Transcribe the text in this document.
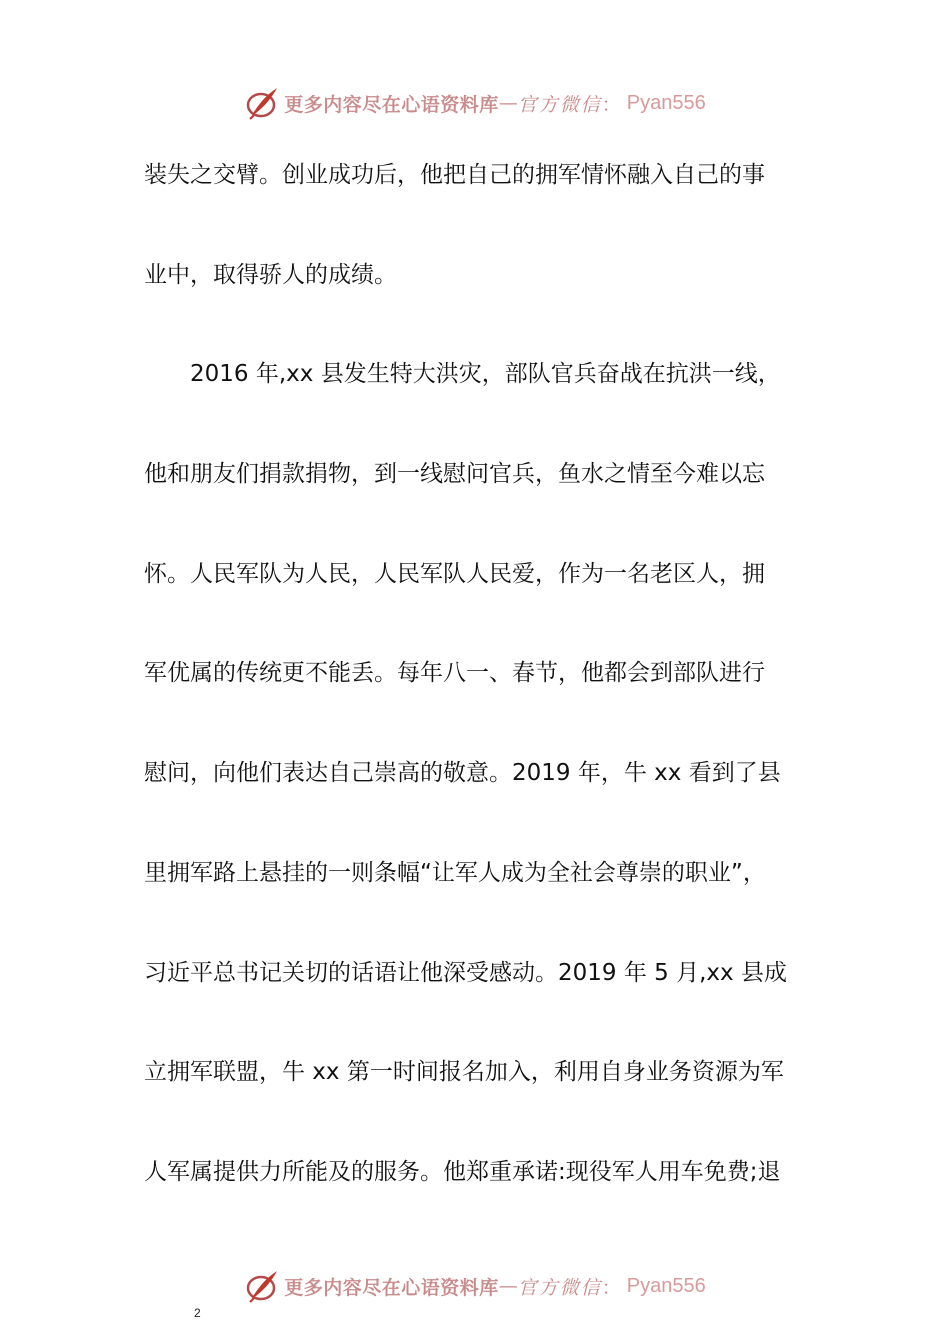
更多内容尽在心语资料库 — 官方微信 ： Pyan556
装失之交臂。创业成功后，他把自己的拥军情怀融入自己的事
业中，取得骄人的成绩。
2016 年,xx 县发生特大洪灾，部队官兵奋战在抗洪一线，
他和朋友们捐款捐物，到一线慰问官兵，鱼水之情至今难以忘
怀。人民军队为人民，人民军队人民爱，作为一名老区人，拥
军优属的传统更不能丢。每年八一、春节，他都会到部队进行
慰问，向他们表达自己崇高的敬意。2019 年，牛 xx 看到了县
里拥军路上悬挂的一则条幅“让军人成为全社会尊崇的职业”，
习近平总书记关切的话语让他深受感动。2019 年 5 月,xx 县成
立拥军联盟，牛 xx 第一时间报名加入，利用自身业务资源为军
人军属提供力所能及的服务。他郑重承诺:现役军人用车免费;退
更多内容尽在心语资料库 — 官方微信 ： Pyan556
2
